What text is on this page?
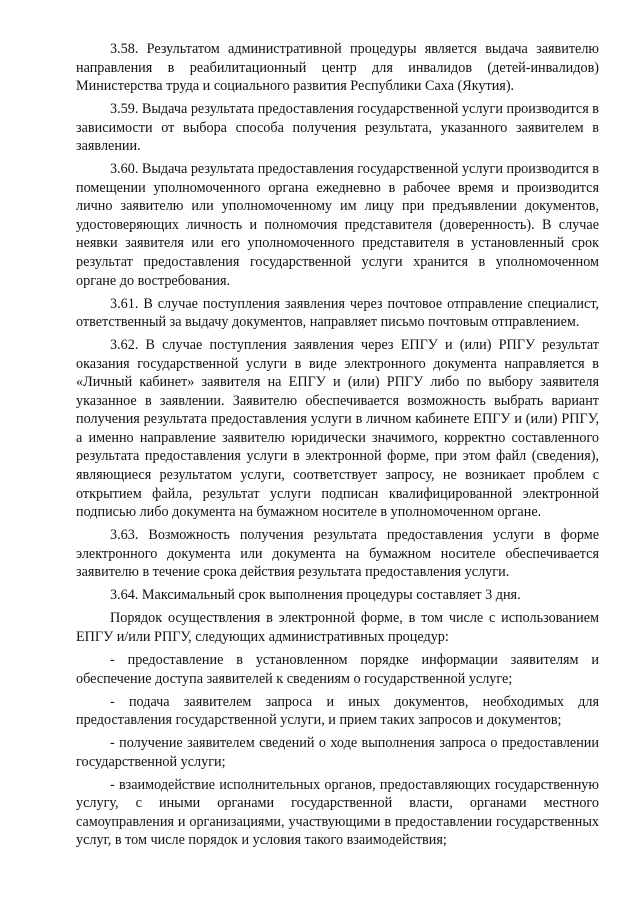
3.58. Результатом административной процедуры является выдача заявителю направления в реабилитационный центр для инвалидов (детей-инвалидов) Министерства труда и социального развития Республики Саха (Якутия).

3.59. Выдача результата предоставления государственной услуги производится в зависимости от выбора способа получения результата, указанного заявителем в заявлении.

3.60. Выдача результата предоставления государственной услуги производится в помещении уполномоченного органа ежедневно в рабочее время и производится лично заявителю или уполномоченному им лицу при предъявлении документов, удостоверяющих личность и полномочия представителя (доверенность). В случае неявки заявителя или его уполномоченного представителя в установленный срок результат предоставления государственной услуги хранится в уполномоченном органе до востребования.

3.61. В случае поступления заявления через почтовое отправление специалист, ответственный за выдачу документов, направляет письмо почтовым отправлением.

3.62. В случае поступления заявления через ЕПГУ и (или) РПГУ результат оказания государственной услуги в виде электронного документа направляется в «Личный кабинет» заявителя на ЕПГУ и (или) РПГУ либо по выбору заявителя указанное в заявлении. Заявителю обеспечивается возможность выбрать вариант получения результата предоставления услуги в личном кабинете ЕПГУ и (или) РПГУ, а именно направление заявителю юридически значимого, корректно составленного результата предоставления услуги в электронной форме, при этом файл (сведения), являющиеся результатом услуги, соответствует запросу, не возникает проблем с открытием файла, результат услуги подписан квалифицированной электронной подписью либо документа на бумажном носителе в уполномоченном органе.

3.63. Возможность получения результата предоставления услуги в форме электронного документа или документа на бумажном носителе обеспечивается заявителю в течение срока действия результата предоставления услуги.

3.64. Максимальный срок выполнения процедуры составляет 3 дня.

Порядок осуществления в электронной форме, в том числе с использованием ЕПГУ и/или РПГУ, следующих административных процедур:

- предоставление в установленном порядке информации заявителям и обеспечение доступа заявителей к сведениям о государственной услуге;

- подача заявителем запроса и иных документов, необходимых для предоставления государственной услуги, и прием таких запросов и документов;

- получение заявителем сведений о ходе выполнения запроса о предоставлении государственной услуги;

- взаимодействие исполнительных органов, предоставляющих государственную услугу, с иными органами государственной власти, органами местного самоуправления и организациями, участвующими в предоставлении государственных услуг, в том числе порядок и условия такого взаимодействия;
